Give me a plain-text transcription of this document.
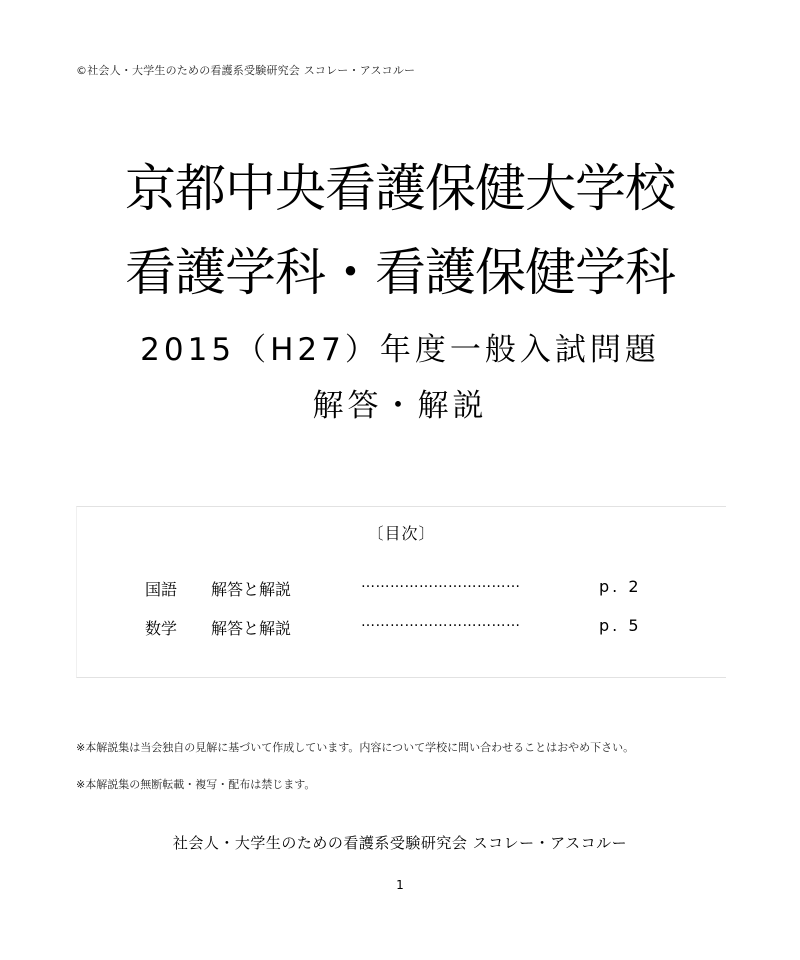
©社会人・大学生のための看護系受験研究会 スコレー・アスコルー
京都中央看護保健大学校
看護学科・看護保健学科
2015（H27）年度一般入試問題
解答・解説
〔目次〕
国語 解答と解説	……………………………	p. 2
数学 解答と解説	……………………………	p. 5
※本解説集は当会独自の見解に基づいて作成しています。内容について学校に問い合わせることはおやめ下さい。
※本解説集の無断転載・複写・配布は禁じます。
社会人・大学生のための看護系受験研究会 スコレー・アスコルー
1
